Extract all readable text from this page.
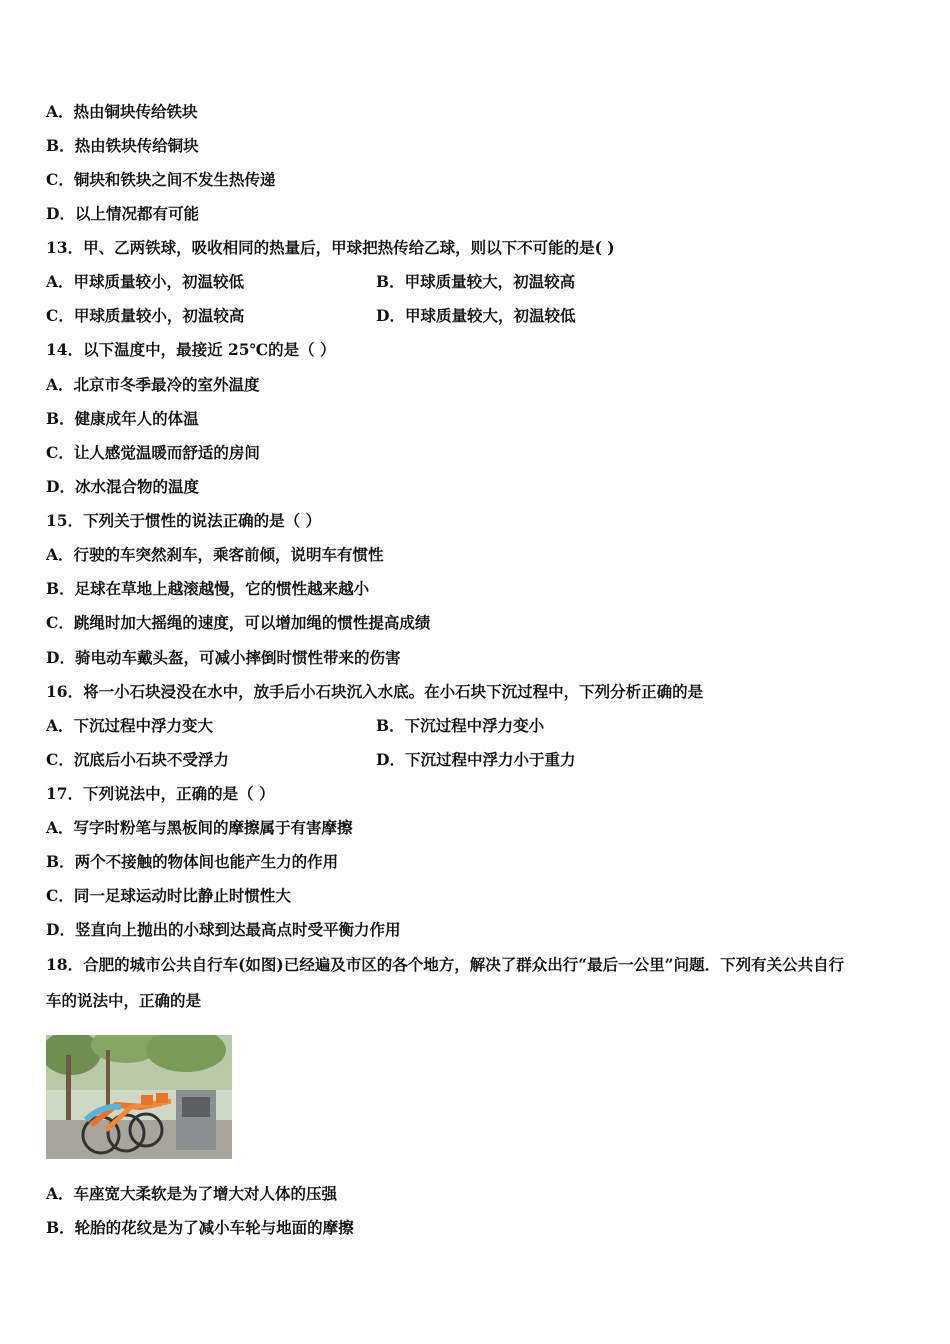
A．热由铜块传给铁块
B．热由铁块传给铜块
C．铜块和铁块之间不发生热传递
D．以上情况都有可能
13．甲、乙两铁球，吸收相同的热量后，甲球把热传给乙球，则以下不可能的是( )
A．甲球质量较小，初温较低	B．甲球质量较大，初温较高
C．甲球质量较小，初温较高	D．甲球质量较大，初温较低
14．以下温度中，最接近 25℃的是（ ）
A．北京市冬季最冷的室外温度
B．健康成年人的体温
C．让人感觉温暖而舒适的房间
D．冰水混合物的温度
15．下列关于惯性的说法正确的是（ ）
A．行驶的车突然刹车，乘客前倾，说明车有惯性
B．足球在草地上越滚越慢，它的惯性越来越小
C．跳绳时加大摇绳的速度，可以增加绳的惯性提高成绩
D．骑电动车戴头盔，可减小摔倒时惯性带来的伤害
16．将一小石块浸没在水中，放手后小石块沉入水底。在小石块下沉过程中，下列分析正确的是
A．下沉过程中浮力变大	B．下沉过程中浮力变小
C．沉底后小石块不受浮力	D．下沉过程中浮力小于重力
17．下列说法中，正确的是（ ）
A．写字时粉笔与黑板间的摩擦属于有害摩擦
B．两个不接触的物体间也能产生力的作用
C．同一足球运动时比静止时惯性大
D．竖直向上抛出的小球到达最高点时受平衡力作用
18．合肥的城市公共自行车(如图)已经遍及市区的各个地方，解决了群众出行“最后一公里”问题．下列有关公共自行
车的说法中，正确的是
A．车座宽大柔软是为了增大对人体的压强
B．轮胎的花纹是为了减小车轮与地面的摩擦
